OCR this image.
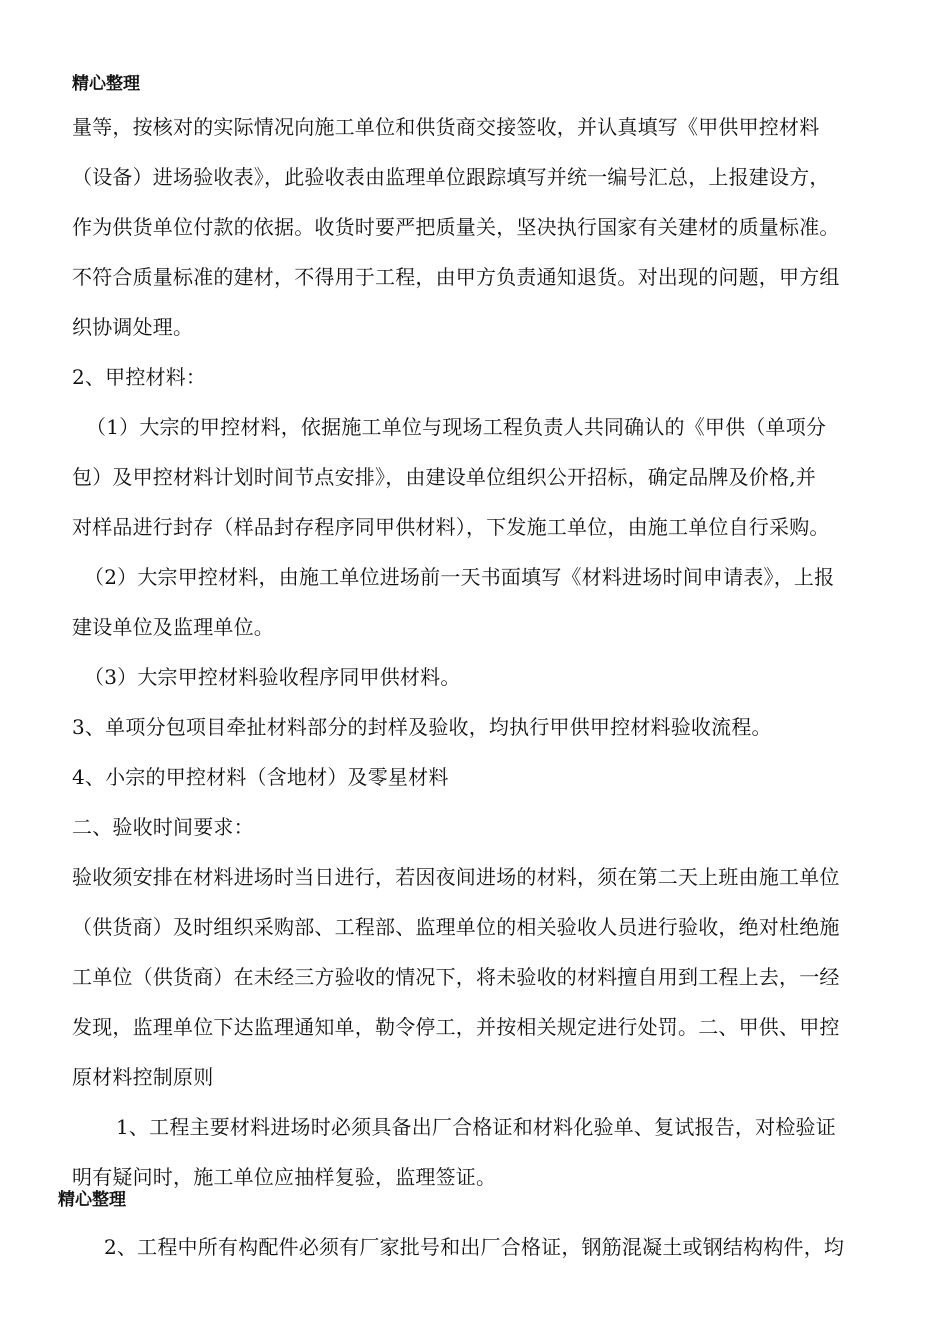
精心整理

量等，按核对的实际情况向施工单位和供货商交接签收，并认真填写《甲供甲控材料

（设备）进场验收表》，此验收表由监理单位跟踪填写并统一编号汇总，上报建设方，

作为供货单位付款的依据。收货时要严把质量关，坚决执行国家有关建材的质量标准。

不符合质量标准的建材，不得用于工程，由甲方负责通知退货。对出现的问题，甲方组

织协调处理。

2、甲控材料：

（1）大宗的甲控材料，依据施工单位与现场工程负责人共同确认的《甲供（单项分

包）及甲控材料计划时间节点安排》，由建设单位组织公开招标，确定品牌及价格,并

对样品进行封存（样品封存程序同甲供材料），下发施工单位，由施工单位自行采购。

（2）大宗甲控材料，由施工单位进场前一天书面填写《材料进场时间申请表》，上报

建设单位及监理单位。

（3）大宗甲控材料验收程序同甲供材料。

3、单项分包项目牵扯材料部分的封样及验收，均执行甲供甲控材料验收流程。

4、小宗的甲控材料（含地材）及零星材料

二、验收时间要求：

验收须安排在材料进场时当日进行，若因夜间进场的材料，须在第二天上班由施工单位

（供货商）及时组织采购部、工程部、监理单位的相关验收人员进行验收，绝对杜绝施

工单位（供货商）在未经三方验收的情况下，将未验收的材料擅自用到工程上去，一经

发现，监理单位下达监理通知单，勒令停工，并按相关规定进行处罚。二、甲供、甲控

原材料控制原则

1、工程主要材料进场时必须具备出厂合格证和材料化验单、复试报告，对检验证

明有疑问时，施工单位应抽样复验，监理签证。

精心整理

2、工程中所有构配件必须有厂家批号和出厂合格证，钢筋混凝土或钢结构构件，均
